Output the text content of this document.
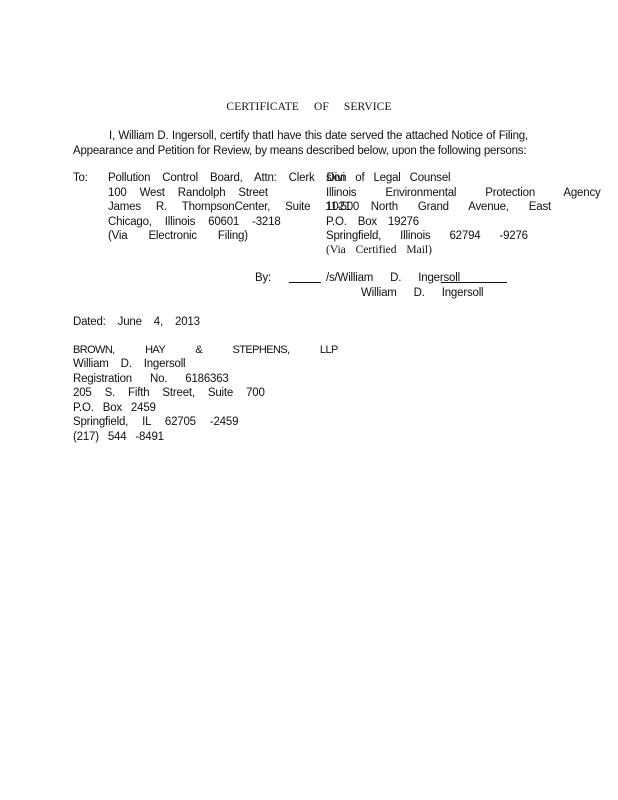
CERTIFICATE OF SERVICE
I, William D. Ingersoll, certify thatI have this date served the attached Notice of Filing, Appearance and Petition for Review, by means described below, upon the following persons:
To: Pollution Control Board, Attn: Clerk Divi
100 West Randolph Street
James R. ThompsonCenter, Suite 11-500
Chicago, Illinois 60601 -3218
(Via Electronic Filing)
sion of Legal Counsel
Illinois Environmental Protection Agency
1021 North Grand Avenue, East
P.O. Box 19276
Springfield, Illinois 62794 -9276
(Via Certified Mail)
By:	/s/William D. Ingersoll
William D. Ingersoll
Dated: June 4, 2013
BROWN, HAY & STEPHENS, LLP
William D. Ingersoll
Registration No. 6186363
205 S. Fifth Street, Suite 700
P.O. Box 2459
Springfield, IL 62705 -2459
(217) 544 -8491
